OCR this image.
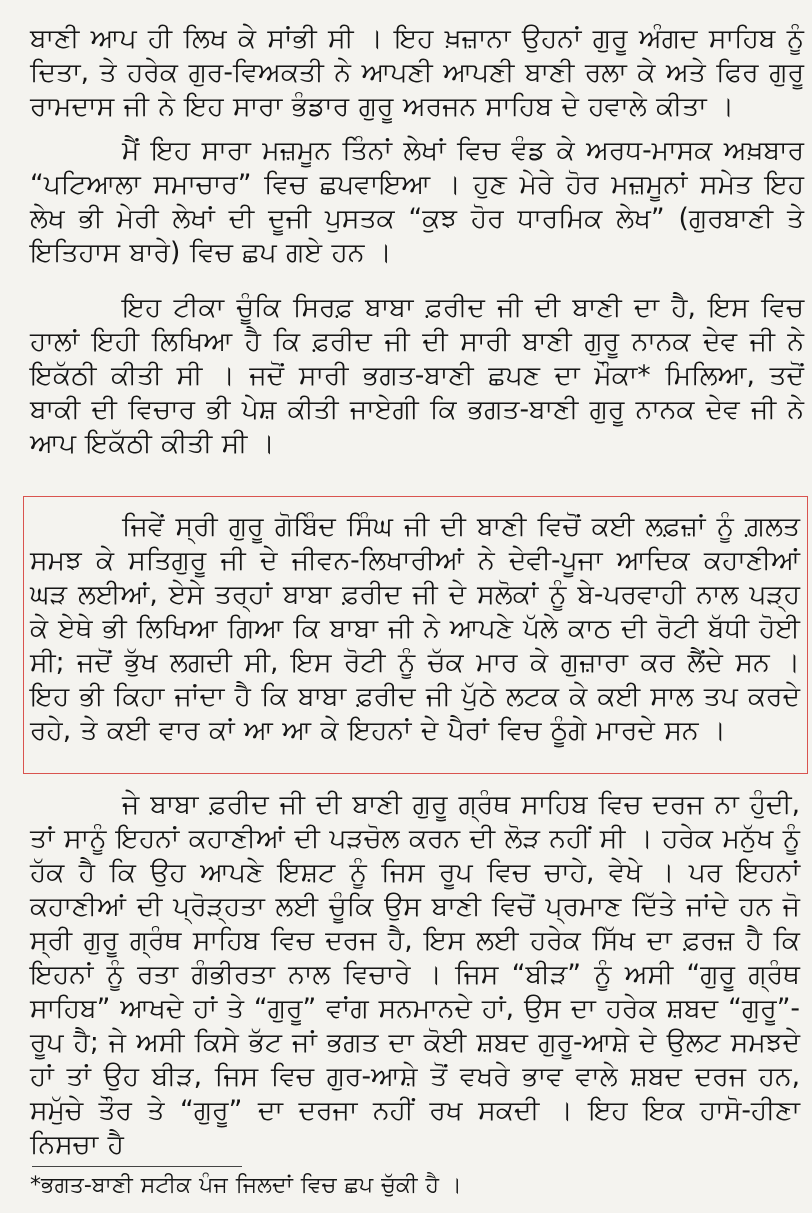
ਬਾਣੀ ਆਪ ਹੀ ਲਿਖ ਕੇ ਸਾਂਭੀ ਸੀ । ਇਹ ਖ਼ਜ਼ਾਨਾ ਉਹਨਾਂ ਗੁਰੂ ਅੰਗਦ ਸਾਹਿਬ ਨੂੰ ਦਿਤਾ, ਤੇ ਹਰੇਕ ਗੁਰ-ਵਿਅਕਤੀ ਨੇ ਆਪਣੀ ਆਪਣੀ ਬਾਣੀ ਰਲਾ ਕੇ ਅਤੇ ਫਿਰ ਗੁਰੂ ਰਾਮਦਾਸ ਜੀ ਨੇ ਇਹ ਸਾਰਾ ਭੰਡਾਰ ਗੁਰੂ ਅਰਜਨ ਸਾਹਿਬ ਦੇ ਹਵਾਲੇ ਕੀਤਾ ।

ਮੈਂ ਇਹ ਸਾਰਾ ਮਜ਼ਮੂਨ ਤਿੰਨਾਂ ਲੇਖਾਂ ਵਿਚ ਵੰਡ ਕੇ ਅਰਧ-ਮਾਸਕ ਅਖ਼ਬਾਰ “ਪਟਿਆਲਾ ਸਮਾਚਾਰ” ਵਿਚ ਛਪਵਾਇਆ । ਹੁਣ ਮੇਰੇ ਹੋਰ ਮਜ਼ਮੂਨਾਂ ਸਮੇਤ ਇਹ ਲੇਖ ਭੀ ਮੇਰੀ ਲੇਖਾਂ ਦੀ ਦੂਜੀ ਪੁਸਤਕ “ਕੁਝ ਹੋਰ ਧਾਰਮਿਕ ਲੇਖ” (ਗੁਰਬਾਣੀ ਤੇ ਇਤਿਹਾਸ ਬਾਰੇ) ਵਿਚ ਛਪ ਗਏ ਹਨ ।

ਇਹ ਟੀਕਾ ਚੂੰਕਿ ਸਿਰਫ਼ ਬਾਬਾ ਫ਼ਰੀਦ ਜੀ ਦੀ ਬਾਣੀ ਦਾ ਹੈ, ਇਸ ਵਿਚ ਹਾਲਾਂ ਇਹੀ ਲਿਖਿਆ ਹੈ ਕਿ ਫ਼ਰੀਦ ਜੀ ਦੀ ਸਾਰੀ ਬਾਣੀ ਗੁਰੂ ਨਾਨਕ ਦੇਵ ਜੀ ਨੇ ਇਕੱਠੀ ਕੀਤੀ ਸੀ । ਜਦੋਂ ਸਾਰੀ ਭਗਤ-ਬਾਣੀ ਛਪਣ ਦਾ ਮੌਕਾ* ਮਿਲਿਆ, ਤਦੋਂ ਬਾਕੀ ਦੀ ਵਿਚਾਰ ਭੀ ਪੇਸ਼ ਕੀਤੀ ਜਾਏਗੀ ਕਿ ਭਗਤ-ਬਾਣੀ ਗੁਰੂ ਨਾਨਕ ਦੇਵ ਜੀ ਨੇ ਆਪ ਇਕੱਠੀ ਕੀਤੀ ਸੀ ।

ਜਿਵੇਂ ਸ੍ਰੀ ਗੁਰੂ ਗੋਬਿੰਦ ਸਿੰਘ ਜੀ ਦੀ ਬਾਣੀ ਵਿਚੋਂ ਕਈ ਲਫ਼ਜ਼ਾਂ ਨੂੰ ਗ਼ਲਤ ਸਮਝ ਕੇ ਸਤਿਗੁਰੂ ਜੀ ਦੇ ਜੀਵਨ-ਲਿਖਾਰੀਆਂ ਨੇ ਦੇਵੀ-ਪੂਜਾ ਆਦਿਕ ਕਹਾਣੀਆਂ ਘੜ ਲਈਆਂ, ਏਸੇ ਤਰ੍ਹਾਂ ਬਾਬਾ ਫ਼ਰੀਦ ਜੀ ਦੇ ਸਲੋਕਾਂ ਨੂੰ ਬੇ-ਪਰਵਾਹੀ ਨਾਲ ਪੜ੍ਹ ਕੇ ਏਥੇ ਭੀ ਲਿਖਿਆ ਗਿਆ ਕਿ ਬਾਬਾ ਜੀ ਨੇ ਆਪਣੇ ਪੱਲੇ ਕਾਠ ਦੀ ਰੋਟੀ ਬੱਧੀ ਹੋਈ ਸੀ; ਜਦੋਂ ਭੁੱਖ ਲਗਦੀ ਸੀ, ਇਸ ਰੋਟੀ ਨੂੰ ਚੱਕ ਮਾਰ ਕੇ ਗੁਜ਼ਾਰਾ ਕਰ ਲੈਂਦੇ ਸਨ । ਇਹ ਭੀ ਕਿਹਾ ਜਾਂਦਾ ਹੈ ਕਿ ਬਾਬਾ ਫ਼ਰੀਦ ਜੀ ਪੁੱਠੇ ਲਟਕ ਕੇ ਕਈ ਸਾਲ ਤਪ ਕਰਦੇ ਰਹੇ, ਤੇ ਕਈ ਵਾਰ ਕਾਂ ਆ ਆ ਕੇ ਇਹਨਾਂ ਦੇ ਪੈਰਾਂ ਵਿਚ ਠੂੰਗੇ ਮਾਰਦੇ ਸਨ ।

ਜੇ ਬਾਬਾ ਫ਼ਰੀਦ ਜੀ ਦੀ ਬਾਣੀ ਗੁਰੂ ਗ੍ਰੰਥ ਸਾਹਿਬ ਵਿਚ ਦਰਜ ਨਾ ਹੁੰਦੀ, ਤਾਂ ਸਾਨੂੰ ਇਹਨਾਂ ਕਹਾਣੀਆਂ ਦੀ ਪੜਚੋਲ ਕਰਨ ਦੀ ਲੋੜ ਨਹੀਂ ਸੀ । ਹਰੇਕ ਮਨੁੱਖ ਨੂੰ ਹੱਕ ਹੈ ਕਿ ਉਹ ਆਪਣੇ ਇਸ਼ਟ ਨੂੰ ਜਿਸ ਰੂਪ ਵਿਚ ਚਾਹੇ, ਵੇਖੇ । ਪਰ ਇਹਨਾਂ ਕਹਾਣੀਆਂ ਦੀ ਪ੍ਰੋੜ੍ਹਤਾ ਲਈ ਚੂੰਕਿ ਉਸ ਬਾਣੀ ਵਿਚੋਂ ਪ੍ਰਮਾਣ ਦਿੱਤੇ ਜਾਂਦੇ ਹਨ ਜੋ ਸ੍ਰੀ ਗੁਰੂ ਗ੍ਰੰਥ ਸਾਹਿਬ ਵਿਚ ਦਰਜ ਹੈ, ਇਸ ਲਈ ਹਰੇਕ ਸਿੱਖ ਦਾ ਫ਼ਰਜ਼ ਹੈ ਕਿ ਇਹਨਾਂ ਨੂੰ ਰਤਾ ਗੰਭੀਰਤਾ ਨਾਲ ਵਿਚਾਰੇ । ਜਿਸ “ਬੀੜ” ਨੂੰ ਅਸੀ “ਗੁਰੂ ਗ੍ਰੰਥ ਸਾਹਿਬ” ਆਖਦੇ ਹਾਂ ਤੇ “ਗੁਰੂ” ਵਾਂਗ ਸਨਮਾਨਦੇ ਹਾਂ, ਉਸ ਦਾ ਹਰੇਕ ਸ਼ਬਦ “ਗੁਰੂ”-ਰੂਪ ਹੈ; ਜੇ ਅਸੀ ਕਿਸੇ ਭੱਟ ਜਾਂ ਭਗਤ ਦਾ ਕੋਈ ਸ਼ਬਦ ਗੁਰੂ-ਆਸ਼ੇ ਦੇ ਉਲਟ ਸਮਝਦੇ ਹਾਂ ਤਾਂ ਉਹ ਬੀੜ, ਜਿਸ ਵਿਚ ਗੁਰ-ਆਸ਼ੇ ਤੋਂ ਵਖਰੇ ਭਾਵ ਵਾਲੇ ਸ਼ਬਦ ਦਰਜ ਹਨ, ਸਮੁੱਚੇ ਤੌਰ ਤੇ “ਗੁਰੂ” ਦਾ ਦਰਜਾ ਨਹੀਂ ਰਖ ਸਕਦੀ । ਇਹ ਇਕ ਹਾਸੋ-ਹੀਣਾ ਨਿਸਚਾ ਹੈ

*ਭਗਤ-ਬਾਣੀ ਸਟੀਕ ਪੰਜ ਜਿਲਦਾਂ ਵਿਚ ਛਪ ਚੁੱਕੀ ਹੈ ।
